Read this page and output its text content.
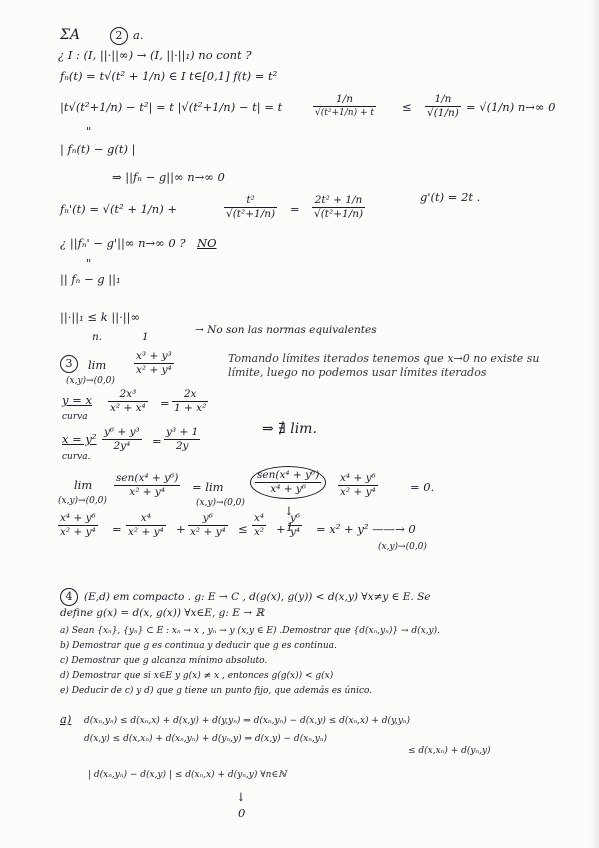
ƩA	2 a.
¿ I : (I, ||·||∞) → (I, ||·||₁) no cont ?
fₙ(t) = t√(t² + 1/n) ∈ I t∈[0,1] f(t) = t²
|t√(t²+1/n) − t²| = t |√(t²+1/n) − t| = t	$\frac{1/n}{\text{√(t²+1/n) + t}} \le \frac{1/n}{√(1/n)} = √(1/n)$ n→∞ 0
"
| fₙ(t) − g(t) |
⇒ ||fₙ − g||∞ n→∞ 0
fₙ'(t) = √(t² + 1/n) +	$\frac{\text{t²}}{\text{√(t²+1/n)}} = \frac{\text{2t² + 1/n}}{\text{√(t²+1/n)}}$	g'(t) = 2t .
¿ ||fₙ' − g'||∞ n→∞ 0 ? NO
"
|| fₙ − g ||₁
||·||₁ ≤ k ||·||∞
n.	1
→ No son las normas equivalentes
3	lim
(x,y)→(0,0)
$\frac{\text{x³ + y³}}{\text{x² + y⁴}}$	Tomando límites iterados tenemos que x→0 no existe su límite, luego no podemos usar límites iterados
y = x
curva
$\frac{\text{2x³}}{\text{x² + x⁴}} = \frac{2x}{\text{1 + x²}}$
x = y²
curva.
$\frac{\text{y⁶ + y³}}{\text{2y⁴}} = \frac{\text{y³ + 1}}{2y}$	⇒ ∄ lim.
lim
(x,y)→(0,0)
sen(x⁴ + y⁶)
x² + y⁴	= lim
(x,y)→(0,0)
sen(x⁴ + y⁶)
x⁴ + y⁶	$\frac{\text{x⁴ + y⁶}}{\text{x² + y⁴}}$	= 0.
↓
1
$\frac{\text{x⁴ + y⁶}}{\text{x² + y⁴}} = \frac{\text{x⁴}}{\text{x² + y⁴}} + \frac{\text{y⁶}}{\text{x² + y⁴}} \le \frac{\text{x⁴}}{\text{x²}} + \frac{\text{y⁶}}{\text{y⁴}} = x^2 + y^2$ ——→ 0
(x,y)→(0,0)
4	(E,d) em compacto . g: E → C , d(g(x), g(y)) < d(x,y) ∀x≠y ∈ E. Se
define g(x) = d(x, g(x)) ∀x∈E, g: E → ℝ
a) Sean {xₙ}, {yₙ} ⊂ E : xₙ → x , yₙ → y (x,y ∈ E) .Demostrar que {d(xₙ,yₙ)} → d(x,y).
b) Demostrar que g es continua y deducir que g es continua.
c) Demostrar que g alcanza mínimo absoluto.
d) Demostrar que si x∈E y g(x) ≠ x , entonces g(g(x)) < g(x)
e) Deducir de c) y d) que g tiene un punto fijo, que además es único.
a) d(xₙ,yₙ) ≤ d(xₙ,x) + d(x,y) + d(y,yₙ) ⇒ d(xₙ,yₙ) − d(x,y) ≤ d(xₙ,x) + d(y,yₙ)
d(x,y) ≤ d(x,xₙ) + d(xₙ,yₙ) + d(yₙ,y) ⇒ d(x,y) − d(xₙ,yₙ)
≤ d(x,xₙ) + d(yₙ,y)
| d(xₙ,yₙ) − d(x,y) | ≤ d(xₙ,x) + d(yₙ,y) ∀n∈ℕ
↓
0
